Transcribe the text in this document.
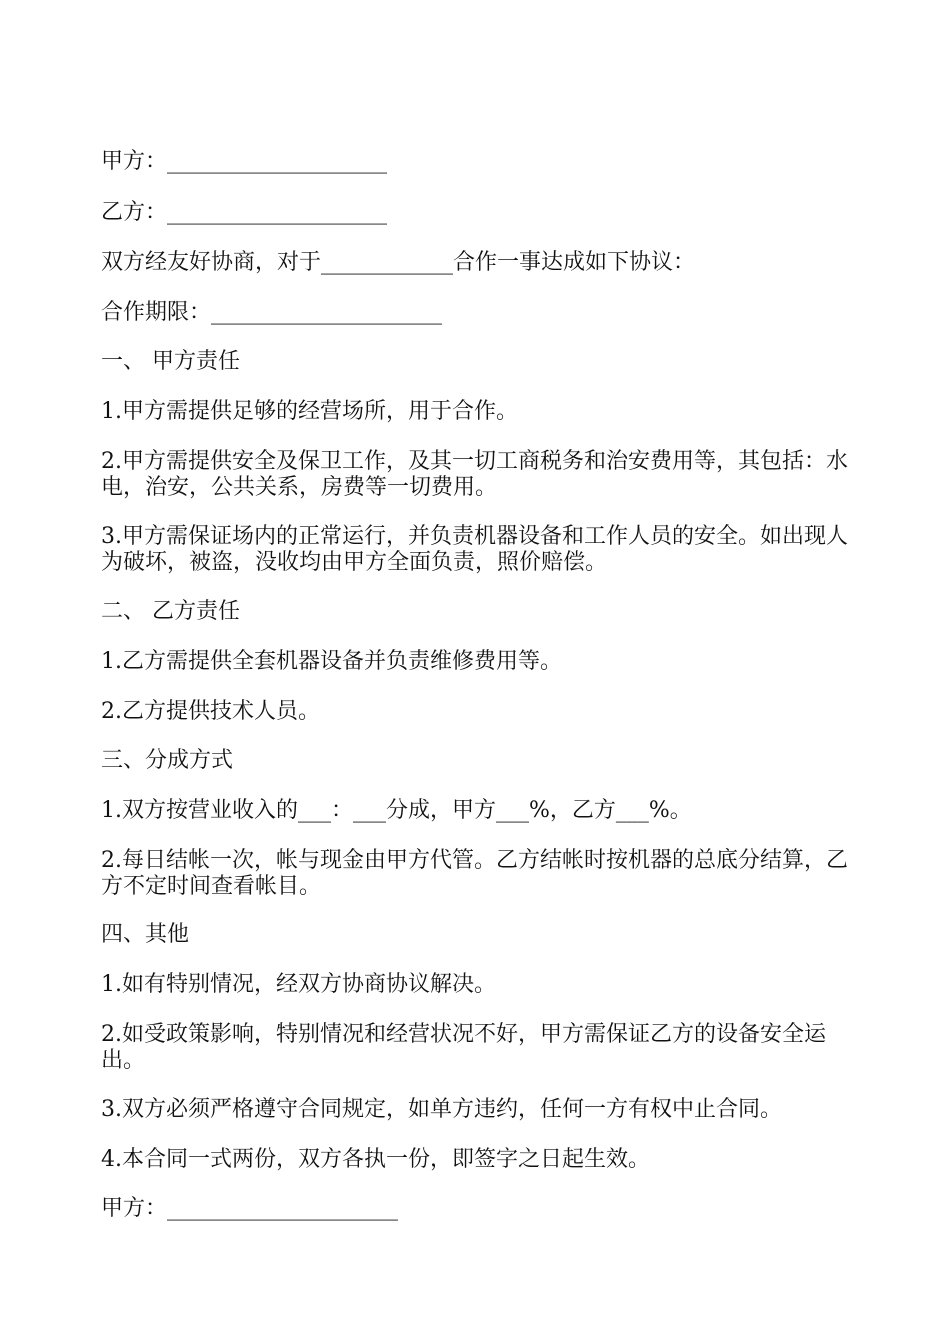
甲方：____________________
乙方：____________________
双方经友好协商，对于____________合作一事达成如下协议：
合作期限：_____________________
一、 甲方责任
1.甲方需提供足够的经营场所，用于合作。
2.甲方需提供安全及保卫工作，及其一切工商税务和治安费用等，其包括：水电，治安，公共关系，房费等一切费用。
3.甲方需保证场内的正常运行，并负责机器设备和工作人员的安全。如出现人为破坏，被盗，没收均由甲方全面负责，照价赔偿。
二、 乙方责任
1.乙方需提供全套机器设备并负责维修费用等。
2.乙方提供技术人员。
三、分成方式
1.双方按营业收入的___：___分成，甲方___%，乙方___%。
2.每日结帐一次，帐与现金由甲方代管。乙方结帐时按机器的总底分结算，乙方不定时间查看帐目。
四、其他
1.如有特别情况，经双方协商协议解决。
2.如受政策影响，特别情况和经营状况不好，甲方需保证乙方的设备安全运出。
3.双方必须严格遵守合同规定，如单方违约，任何一方有权中止合同。
4.本合同一式两份，双方各执一份，即签字之日起生效。
甲方：_____________________
